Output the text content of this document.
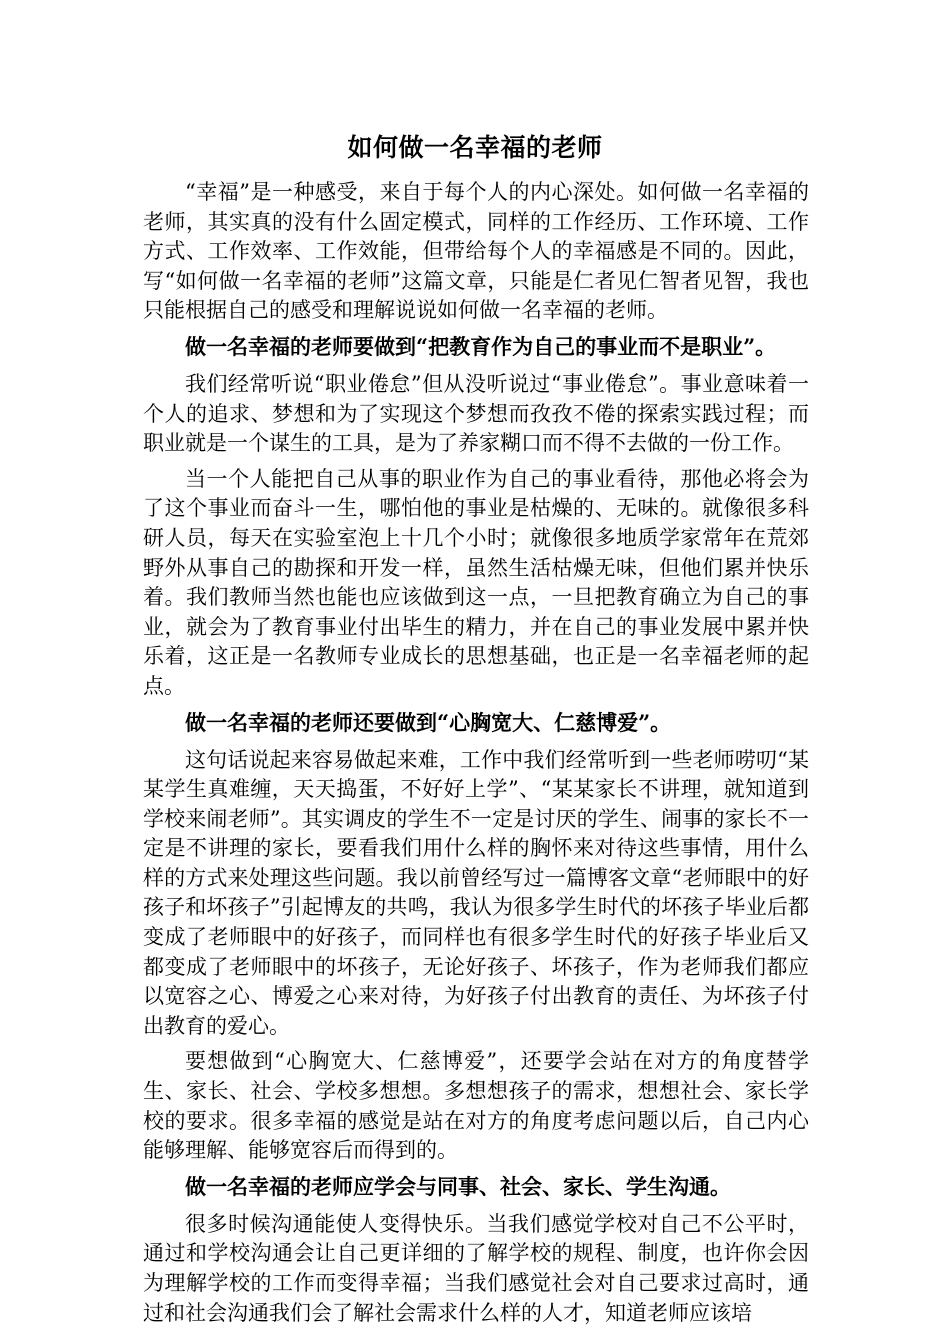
如何做一名幸福的老师

“幸福”是一种感受，来自于每个人的内心深处。如何做一名幸福的老师，其实真的没有什么固定模式，同样的工作经历、工作环境、工作方式、工作效率、工作效能，但带给每个人的幸福感是不同的。因此，写“如何做一名幸福的老师”这篇文章，只能是仁者见仁智者见智，我也只能根据自己的感受和理解说说如何做一名幸福的老师。

做一名幸福的老师要做到“把教育作为自己的事业而不是职业”。

我们经常听说“职业倦怠”但从没听说过“事业倦怠”。事业意味着一个人的追求、梦想和为了实现这个梦想而孜孜不倦的探索实践过程；而职业就是一个谋生的工具，是为了养家糊口而不得不去做的一份工作。

当一个人能把自己从事的职业作为自己的事业看待，那他必将会为了这个事业而奋斗一生，哪怕他的事业是枯燥的、无味的。就像很多科研人员，每天在实验室泡上十几个小时；就像很多地质学家常年在荒郊野外从事自己的勘探和开发一样，虽然生活枯燥无味，但他们累并快乐着。我们教师当然也能也应该做到这一点，一旦把教育确立为自己的事业，就会为了教育事业付出毕生的精力，并在自己的事业发展中累并快乐着，这正是一名教师专业成长的思想基础，也正是一名幸福老师的起点。

做一名幸福的老师还要做到“心胸宽大、仁慈博爱”。

这句话说起来容易做起来难，工作中我们经常听到一些老师唠叨“某某学生真难缠，天天捣蛋，不好好上学”、“某某家长不讲理，就知道到学校来闹老师”。其实调皮的学生不一定是讨厌的学生、闹事的家长不一定是不讲理的家长，要看我们用什么样的胸怀来对待这些事情，用什么样的方式来处理这些问题。我以前曾经写过一篇博客文章“老师眼中的好孩子和坏孩子”引起博友的共鸣，我认为很多学生时代的坏孩子毕业后都变成了老师眼中的好孩子，而同样也有很多学生时代的好孩子毕业后又都变成了老师眼中的坏孩子，无论好孩子、坏孩子，作为老师我们都应以宽容之心、博爱之心来对待，为好孩子付出教育的责任、为坏孩子付出教育的爱心。

要想做到“心胸宽大、仁慈博爱”，还要学会站在对方的角度替学生、家长、社会、学校多想想。多想想孩子的需求，想想社会、家长学校的要求。很多幸福的感觉是站在对方的角度考虑问题以后，自己内心能够理解、能够宽容后而得到的。

做一名幸福的老师应学会与同事、社会、家长、学生沟通。

很多时候沟通能使人变得快乐。当我们感觉学校对自己不公平时，通过和学校沟通会让自己更详细的了解学校的规程、制度，也许你会因为理解学校的工作而变得幸福；当我们感觉社会对自己要求过高时，通过和社会沟通我们会了解社会需求什么样的人才，知道老师应该培
